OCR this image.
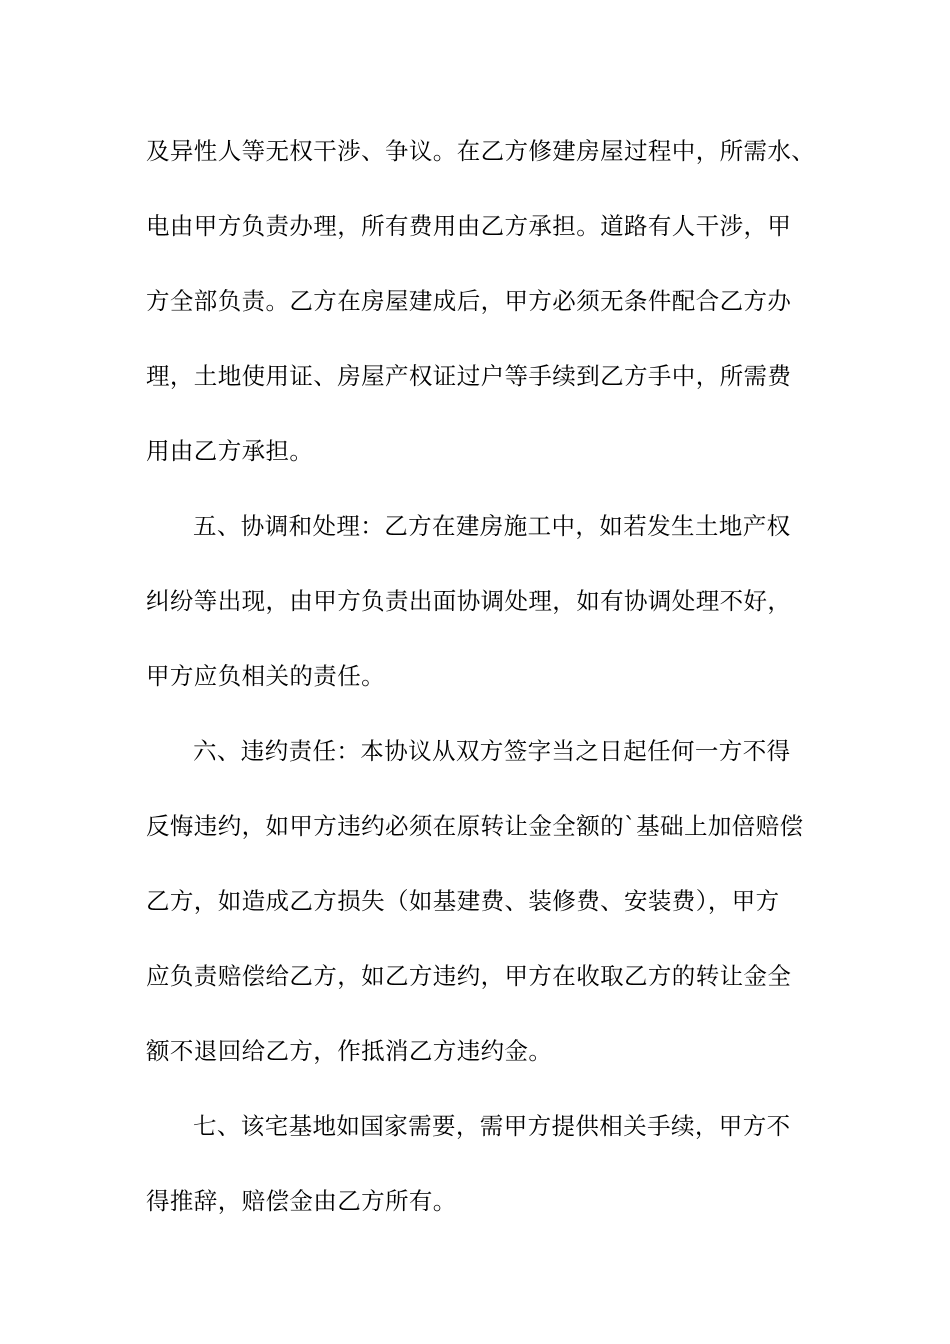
及异性人等无权干涉、争议。在乙方修建房屋过程中，所需水、
电由甲方负责办理，所有费用由乙方承担。道路有人干涉，甲
方全部负责。乙方在房屋建成后，甲方必须无条件配合乙方办
理，土地使用证、房屋产权证过户等手续到乙方手中，所需费
用由乙方承担。
五、协调和处理：乙方在建房施工中，如若发生土地产权
纠纷等出现，由甲方负责出面协调处理，如有协调处理不好，
甲方应负相关的责任。
六、违约责任：本协议从双方签字当之日起任何一方不得
反悔违约，如甲方违约必须在原转让金全额的`基础上加倍赔偿
乙方，如造成乙方损失（如基建费、装修费、安装费），甲方
应负责赔偿给乙方，如乙方违约，甲方在收取乙方的转让金全
额不退回给乙方，作抵消乙方违约金。
七、该宅基地如国家需要，需甲方提供相关手续，甲方不
得推辞，赔偿金由乙方所有。
